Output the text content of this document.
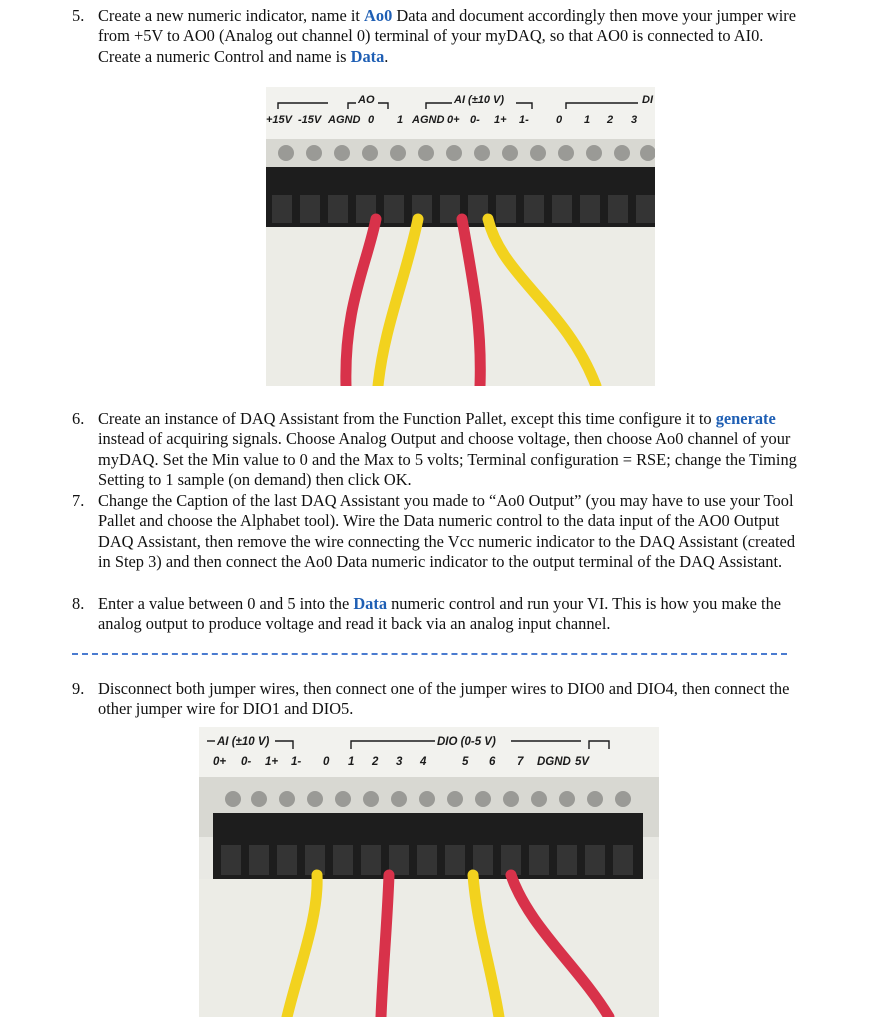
5. Create a new numeric indicator, name it Ao0 Data and document accordingly then move your jumper wire from +5V to AO0 (Analog out channel 0) terminal of your myDAQ, so that AO0 is connected to AI0. Create a numeric Control and name is Data.
AO	AI (±10 V)	DI
+15V -15V AGND 0 1 AGND 0+ 0- 1+ 1- 0 1 2 3
6. Create an instance of DAQ Assistant from the Function Pallet, except this time configure it to generate instead of acquiring signals. Choose Analog Output and choose voltage, then choose Ao0 channel of your myDAQ. Set the Min value to 0 and the Max to 5 volts; Terminal configuration = RSE; change the Timing Setting to 1 sample (on demand) then click OK.
7. Change the Caption of the last DAQ Assistant you made to “Ao0 Output” (you may have to use your Tool Pallet and choose the Alphabet tool). Wire the Data numeric control to the data input of the AO0 Output DAQ Assistant, then remove the wire connecting the Vcc numeric indicator to the DAQ Assistant (created in Step 3) and then connect the Ao0 Data numeric indicator to the output terminal of the DAQ Assistant.
8. Enter a value between 0 and 5 into the Data numeric control and run your VI. This is how you make the analog output to produce voltage and read it back via an analog input channel.
9. Disconnect both jumper wires, then connect one of the jumper wires to DIO0 and DIO4, then connect the other jumper wire for DIO1 and DIO5.
AI (±10 V)	DIO (0-5 V)
0+ 0- 1+ 1- 0 1 2 3 4	5 6 7 DGND 5V
